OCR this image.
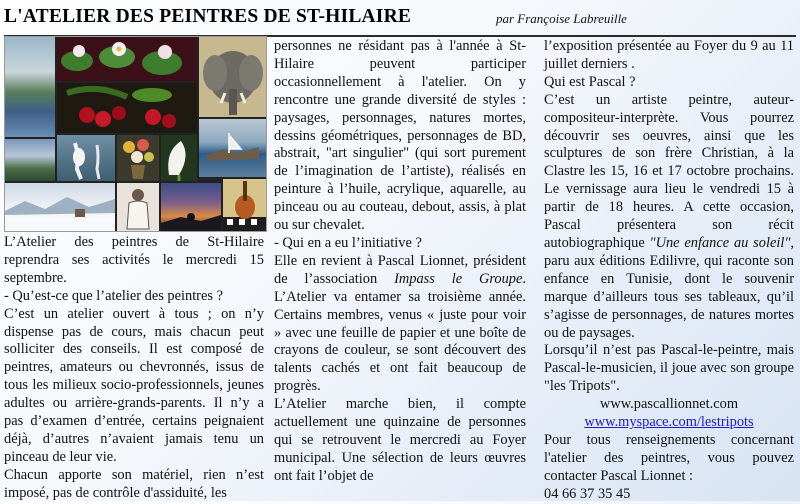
L'ATELIER DES PEINTRES DE ST-HILAIRE	par Françoise Labreuille

L’Atelier des peintres de St-Hilaire reprendra ses activités le mercredi 15 septembre.

- Qu’est-ce que l’atelier des peintres ?

C’est un atelier ouvert à tous ; on n’y dispense pas de cours, mais chacun peut solliciter des conseils. Il est composé de peintres, amateurs ou chevronnés, issus de tous les milieux socio-professionnels, jeunes adultes ou arrière-grands-parents. Il n’y a pas d’examen d’entrée, certains peignaient déjà, d’autres n’avaient jamais tenu un pinceau de leur vie.

Chacun apporte son matériel, rien n’est imposé, pas de contrôle d'assiduité, les

personnes ne résidant pas à l'année à St-Hilaire peuvent participer occasionnellement à l'atelier. On y rencontre une grande diversité de styles : paysages, personnages, natures mortes, dessins géométriques, personnages de BD, abstrait, "art singulier" (qui sort purement de l’imagination de l’artiste), réalisés en peinture à l’huile, acrylique, aquarelle, au pinceau ou au couteau, debout, assis, à plat ou sur chevalet.

- Qui en a eu l’initiative ?

Elle en revient à Pascal Lionnet, président de l’association Impass le Groupe. L’Atelier va entamer sa troisième année. Certains membres, venus « juste pour voir » avec une feuille de papier et une boîte de crayons de couleur, se sont découvert des talents cachés et ont fait beaucoup de progrès.

L’Atelier marche bien, il compte actuellement une quinzaine de personnes qui se retrouvent le mercredi au Foyer municipal. Une sélection de leurs œuvres ont fait l’objet de

l’exposition présentée au Foyer du 9 au 11 juillet derniers .

Qui est Pascal ?

C’est un artiste peintre, auteur-compositeur-interprète. Vous pourrez découvrir ses oeuvres, ainsi que les sculptures de son frère Christian, à la Clastre les 15, 16 et 17 octobre prochains. Le vernissage aura lieu le vendredi 15 à partir de 18 heures. A cette occasion, Pascal présentera son récit autobiographique "Une enfance au soleil", paru aux éditions Edilivre, qui raconte son enfance en Tunisie, dont le souvenir marque d’ailleurs tous ses tableaux, qu’il s’agisse de personnages, de natures mortes ou de paysages.

Lorsqu’il n’est pas Pascal-le-peintre, mais Pascal-le-musicien, il joue avec son groupe "les Tripots".

www.pascallionnet.com

www.myspace.com/lestripots

Pour tous renseignements concernant l'atelier des peintres, vous pouvez contacter Pascal Lionnet :

04 66 37 35 45
